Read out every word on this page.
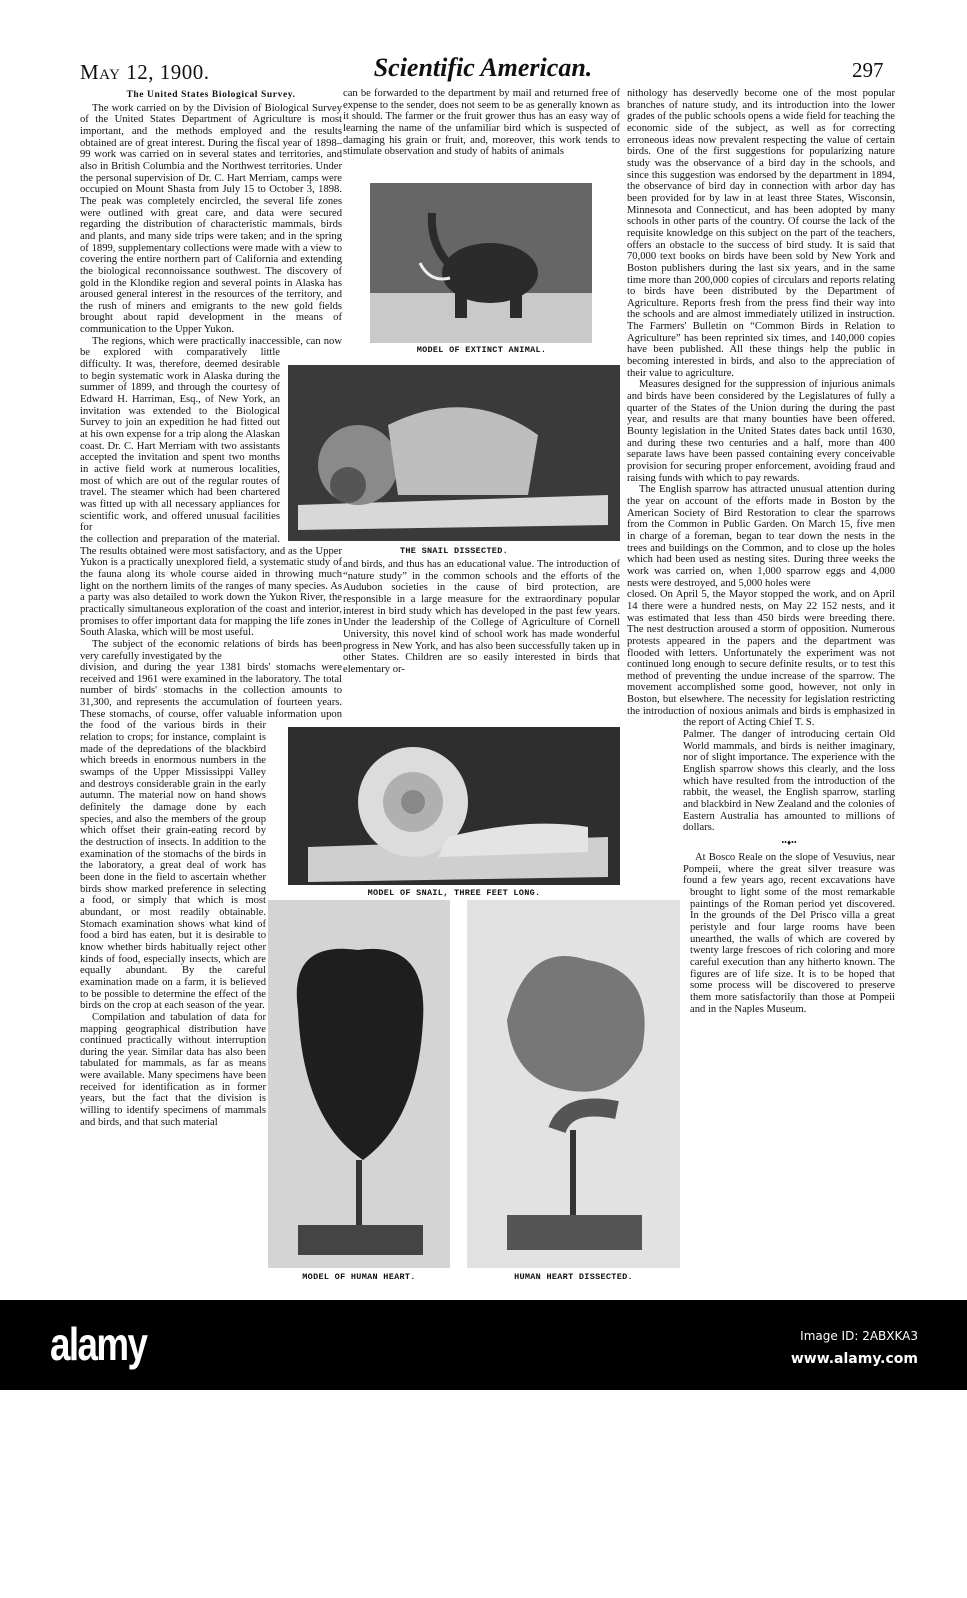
May 12, 1900.	Scientific American.	297
The United States Biological Survey.

The work carried on by the Division of Biological Survey of the United States Department of Agriculture is most important, and the methods employed and the results obtained are of great interest. During the fiscal year of 1898–99 work was carried on in several states and territories, and also in British Columbia and the Northwest territories. Under the personal supervision of Dr. C. Hart Merriam, camps were occupied on Mount Shasta from July 15 to October 3, 1898. The peak was completely encircled, the several life zones were outlined with great care, and data were secured regarding the distribution of characteristic mammals, birds and plants, and many side trips were taken; and in the spring of 1899, supplementary collections were made with a view to covering the entire northern part of California and extending the biological reconnoissance southwest. The discovery of gold in the Klondike region and several points in Alaska has aroused general interest in the resources of the territory, and the rush of miners and emigrants to the new gold fields brought about rapid development in the means of communication to the Upper Yukon.

The regions, which were practically inaccessible, can now be explored with comparatively little difficulty. It was, therefore, deemed desirable to begin systematic work in Alaska during the summer of 1899, and through the courtesy of Edward H. Harriman, Esq., of New York, an invitation was extended to the Biological Survey to join an expedition he had fitted out at his own expense for a trip along the Alaskan coast. Dr. C. Hart Merriam with two assistants accepted the invitation and spent two months in active field work at numerous localities, most of which are out of the regular routes of travel. The steamer which had been chartered was fitted up with all necessary appliances for scientific work, and offered unusual facilities for

the collection and preparation of the material. The results obtained were most satisfactory, and as the Upper Yukon is a practically unexplored field, a systematic study of the fauna along its whole course aided in throwing much light on the northern limits of the ranges of many species. As a party was also detailed to work down the Yukon River, the practically simultaneous exploration of the coast and interior, promises to offer important data for mapping the life zones in South Alaska, which will be most useful.

The subject of the economic relations of birds has been very carefully investigated by the

division, and during the year 1381 birds' stomachs were received and 1961 were examined in the laboratory. The total number of birds' stomachs in the collection amounts to 31,300, and represents the accumulation of fourteen years. These stomachs, of course, offer valuable information upon the food of the various birds in their relation to crops; for instance, complaint is made of the depredations of the blackbird which breeds in enormous numbers in the swamps of the Upper Mississippi Valley and destroys considerable grain in the early autumn. The material now on hand shows definitely the damage done by each species, and also the members of the group which offset their grain-eating record by the destruction of insects. In addition to the examination of the stomachs of the birds in the laboratory, a great deal of work has been done in the field to ascertain whether birds show marked preference in selecting a food, or simply that which is most abundant, or most readily obtainable. Stomach examination shows what kind of food a bird has eaten, but it is desirable to know whether birds habitually reject other kinds of food, especially insects, which are equally abundant. By the careful examination made on a farm, it is believed to be possible to determine the effect of the birds on the crop at each season of the year.

Compilation and tabulation of data for mapping geographical distribution have continued practically without interruption during the year. Similar data has also been tabulated for mammals, as far as means were available. Many specimens have been received for identification as in former years, but the fact that the division is willing to identify specimens of mammals and birds, and that such material

can be forwarded to the department by mail and returned free of expense to the sender, does not seem to be as generally known as it should. The farmer or the fruit grower thus has an easy way of learning the name of the unfamiliar bird which is suspected of damaging his grain or fruit, and, moreover, this work tends to stimulate observation and study of habits of animals

and birds, and thus has an educational value. The introduction of “nature study” in the common schools and the efforts of the Audubon societies in the cause of bird protection, are responsible in a large measure for the extraordinary popular interest in bird study which has developed in the past few years. Under the leadership of the College of Agriculture of Cornell University, this novel kind of school work has made wonderful progress in New York, and has also been successfully taken up in other States. Children are so easily interested in birds that elementary or-

nithology has deservedly become one of the most popular branches of nature study, and its introduction into the lower grades of the public schools opens a wide field for teaching the economic side of the subject, as well as for correcting erroneous ideas now prevalent respecting the value of certain birds. One of the first suggestions for popularizing nature study was the observance of a bird day in the schools, and since this suggestion was endorsed by the department in 1894, the observance of bird day in connection with arbor day has been provided for by law in at least three States, Wisconsin, Minnesota and Connecticut, and has been adopted by many schools in other parts of the country. Of course the lack of the requisite knowledge on this subject on the part of the teachers, offers an obstacle to the success of bird study. It is said that 70,000 text books on birds have been sold by New York and Boston publishers during the last six years, and in the same time more than 200,000 copies of circulars and reports relating to birds have been distributed by the Department of Agriculture. Reports fresh from the press find their way into the schools and are almost immediately utilized in instruction. The Farmers' Bulletin on “Common Birds in Relation to Agriculture” has been reprinted six times, and 140,000 copies have been published. All these things help the public in becoming interested in birds, and also to the appreciation of their value to agriculture.

Measures designed for the suppression of injurious animals and birds have been considered by the Legislatures of fully a quarter of the States of the Union during the during the past year, and results are that many bounties have been offered. Bounty legislation in the United States dates back until 1630, and during these two centuries and a half, more than 400 separate laws have been passed containing every conceivable provision for securing proper enforcement, avoiding fraud and raising funds with which to pay rewards.

The English sparrow has attracted unusual attention during the year on account of the efforts made in Boston by the American Society of Bird Restoration to clear the sparrows from the Common in Public Garden. On March 15, five men in charge of a foreman, began to tear down the nests in the trees and buildings on the Common, and to close up the holes which had been used as nesting sites. During three weeks the work was carried on, when 1,000 sparrow eggs and 4,000 nests were destroyed, and 5,000 holes were

closed. On April 5, the Mayor stopped the work, and on April 14 there were a hundred nests, on May 22 152 nests, and it was estimated that less than 450 birds were breeding there. The nest destruction aroused a storm of opposition. Numerous protests appeared in the papers and the department was flooded with letters. Unfortunately the experiment was not continued long enough to secure definite results, or to test this method of preventing the undue increase of the sparrow. The movement accomplished some good, however, not only in Boston, but elsewhere. The necessity for legislation restricting the introduction of noxious animals and birds is emphasized in the report of Acting Chief T. S.

Palmer. The danger of introducing certain Old World mammals, and birds is neither imaginary, nor of slight importance. The experience with the English sparrow shows this clearly, and the loss which have resulted from the introduction of the rabbit, the weasel, the English sparrow, starling and blackbird in New Zealand and the colonies of Eastern Australia has amounted to millions of dollars.

••♦••

At Bosco Reale on the slope of Vesuvius, near Pompeii, where the great silver treasure was found a few years ago, recent excavations have brought to light some of the most remarkable paintings of the Roman period yet discovered. In the grounds of the Del Prisco villa a great peristyle and four large rooms have been unearthed, the walls of which are covered by twenty large frescoes of rich coloring and more careful execution than any hitherto known. The figures are of life size. It is to be hoped that some process will be discovered to preserve them more satisfactorily than those at Pompeii and in the Naples Museum.

MODEL OF EXTINCT ANIMAL.
THE SNAIL DISSECTED.
MODEL OF SNAIL, THREE FEET LONG.
MODEL OF HUMAN HEART.	HUMAN HEART DISSECTED.
alamy	Image ID: 2ABXKA3
www.alamy.com
